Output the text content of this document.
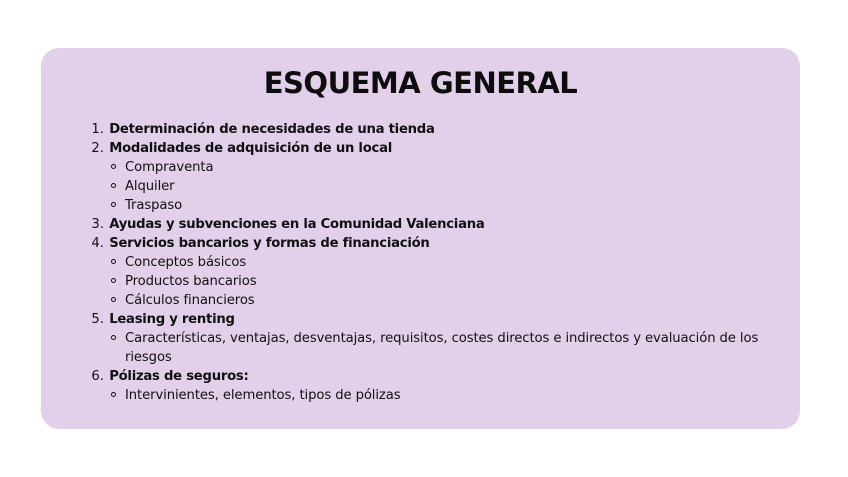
ESQUEMA GENERAL
1. Determinación de necesidades de una tienda
2. Modalidades de adquisición de un local
Compraventa
Alquiler
Traspaso
3. Ayudas y subvenciones en la Comunidad Valenciana
4. Servicios bancarios y formas de financiación
Conceptos básicos
Productos bancarios
Cálculos financieros
5. Leasing y renting
Características, ventajas, desventajas, requisitos, costes directos e indirectos y evaluación de los riesgos
6. Pólizas de seguros:
Intervinientes, elementos, tipos de pólizas
